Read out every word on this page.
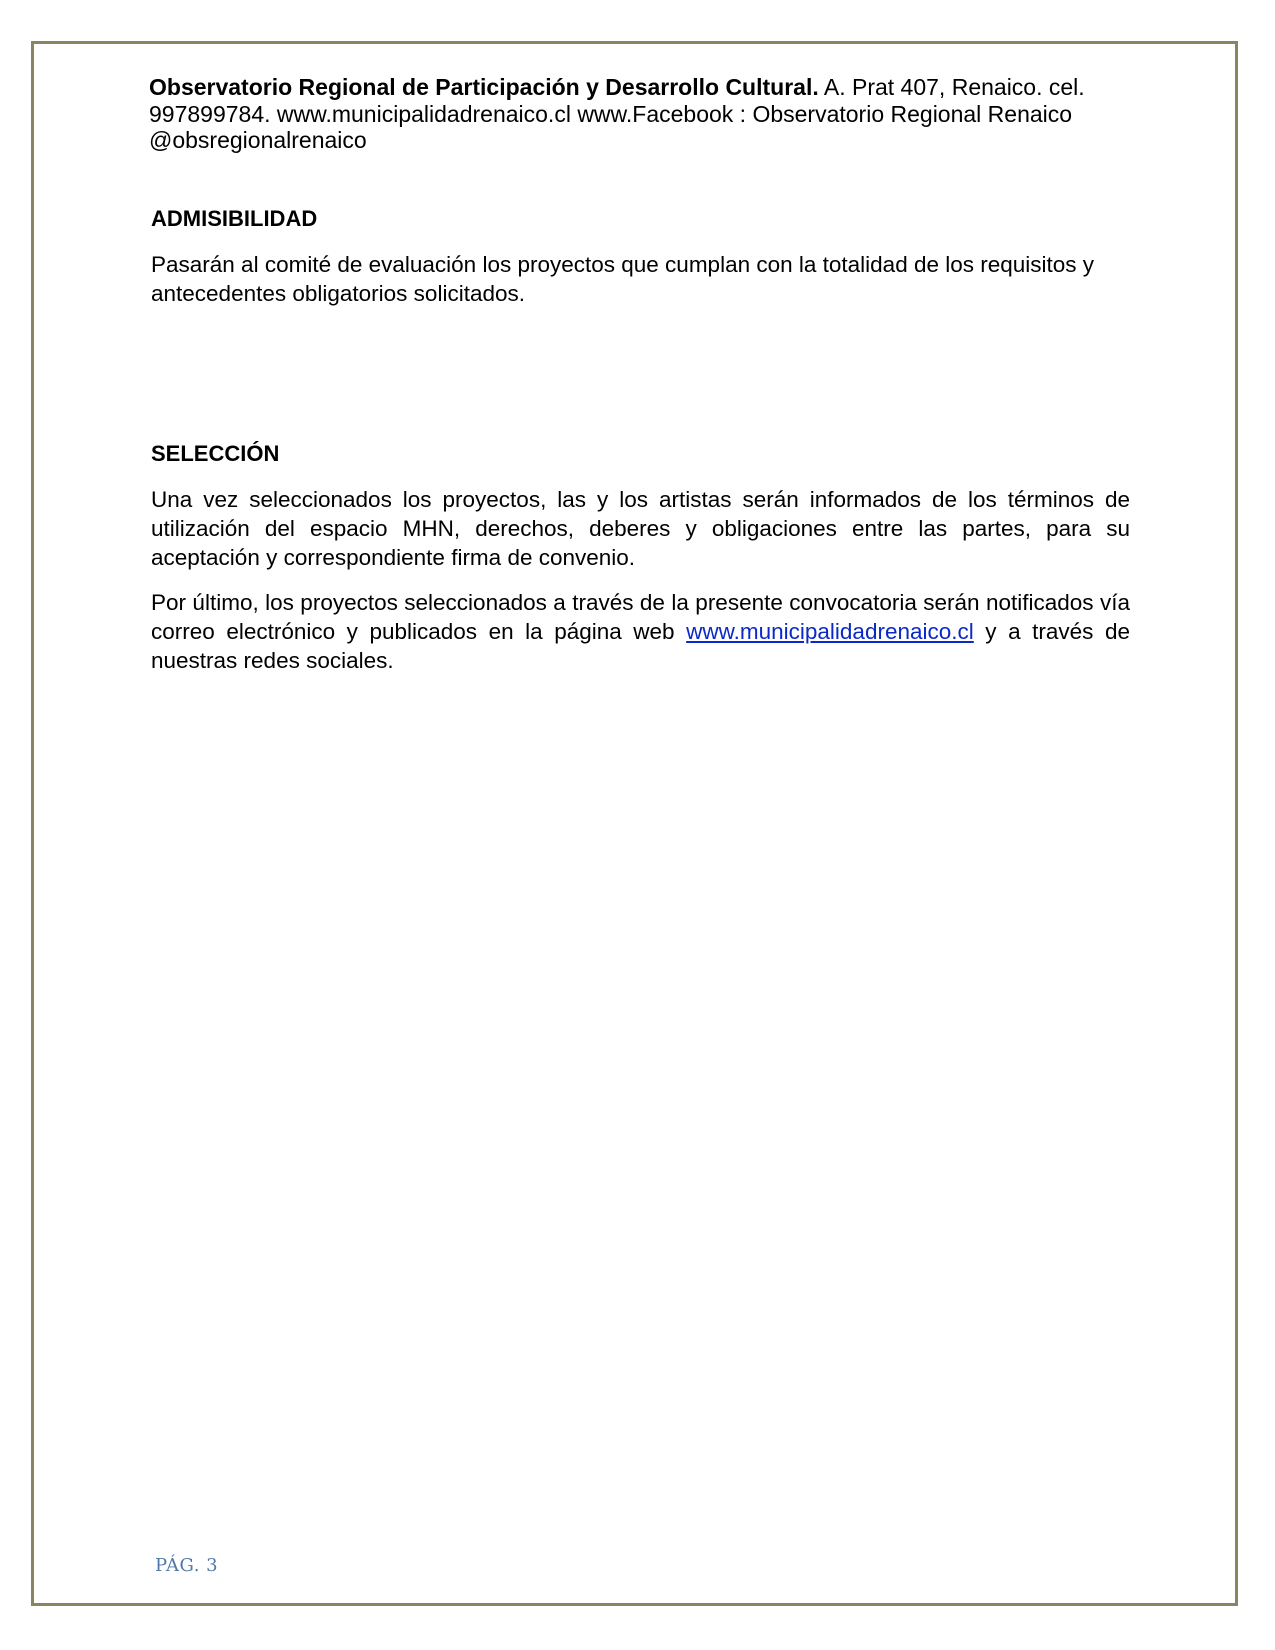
Observatorio Regional de Participación y Desarrollo Cultural. A. Prat 407, Renaico. cel.
997899784. www.municipalidadrenaico.cl www.Facebook : Observatorio Regional Renaico
@obsregionalrenaico
ADMISIBILIDAD

Pasarán al comité de evaluación los proyectos que cumplan con la totalidad de los requisitos y antecedentes obligatorios solicitados.

SELECCIÓN

Una vez seleccionados los proyectos, las y los artistas serán informados de los términos de utilización del espacio MHN, derechos, deberes y obligaciones entre las partes, para su aceptación y correspondiente firma de convenio.

Por último, los proyectos seleccionados a través de la presente convocatoria serán notificados vía correo electrónico y publicados en la página web www.municipalidadrenaico.cl y a través de nuestras redes sociales.

PÁG. 3
